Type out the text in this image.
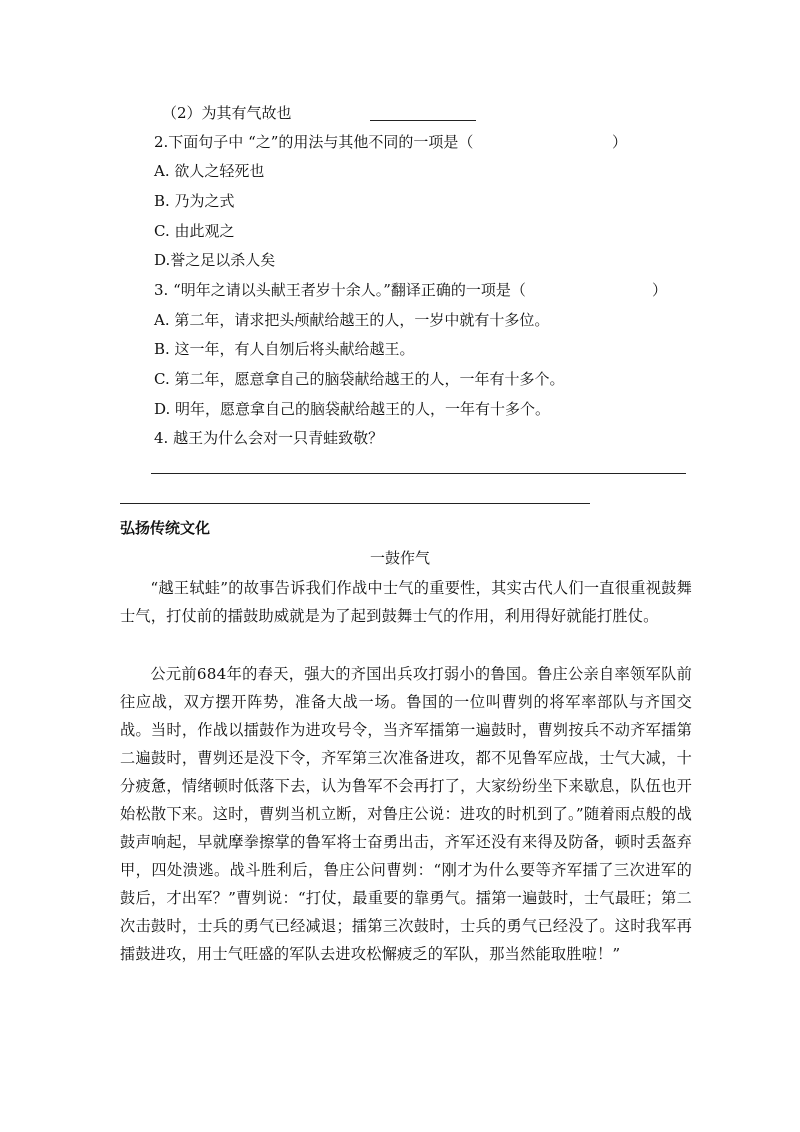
（2）为其有气故也
2.下面句子中 “之”的用法与其他不同的一项是（	）
A. 欲人之轻死也
B. 乃为之式
C. 由此观之
D.誉之足以杀人矣
3. “明年之请以头献王者岁十余人。”翻译正确的一项是（	）
A. 第二年，请求把头颅献给越王的人，一岁中就有十多位。
B. 这一年，有人自刎后将头献给越王。
C. 第二年，愿意拿自己的脑袋献给越王的人，一年有十多个。
D. 明年，愿意拿自己的脑袋献给越王的人，一年有十多个。
4. 越王为什么会对一只青蛙致敬？
弘扬传统文化
一鼓作气
“越王轼蛙”的故事告诉我们作战中士气的重要性，其实古代人们一直很重视鼓舞士气，打仗前的擂鼓助威就是为了起到鼓舞士气的作用，利用得好就能打胜仗。
公元前684年的春天，强大的齐国出兵攻打弱小的鲁国。鲁庄公亲自率领军队前往应战，双方摆开阵势，准备大战一场。鲁国的一位叫曹刿的将军率部队与齐国交战。当时，作战以擂鼓作为进攻号令，当齐军擂第一遍鼓时，曹刿按兵不动齐军擂第二遍鼓时，曹刿还是没下令，齐军第三次准备进攻，都不见鲁军应战，士气大减，十分疲惫，情绪顿时低落下去，认为鲁军不会再打了，大家纷纷坐下来歇息，队伍也开始松散下来。这时，曹刿当机立断，对鲁庄公说：进攻的时机到了。”随着雨点般的战鼓声响起，早就摩拳擦掌的鲁军将士奋勇出击，齐军还没有来得及防备，顿时丢盔弃甲，四处溃逃。战斗胜利后，鲁庄公问曹刿：“刚才为什么要等齐军擂了三次进军的鼓后，才出军？”曹刿说：“打仗，最重要的靠勇气。擂第一遍鼓时，士气最旺；第二次击鼓时，士兵的勇气已经减退；擂第三次鼓时，士兵的勇气已经没了。这时我军再擂鼓进攻，用士气旺盛的军队去进攻松懈疲乏的军队，那当然能取胜啦！”
